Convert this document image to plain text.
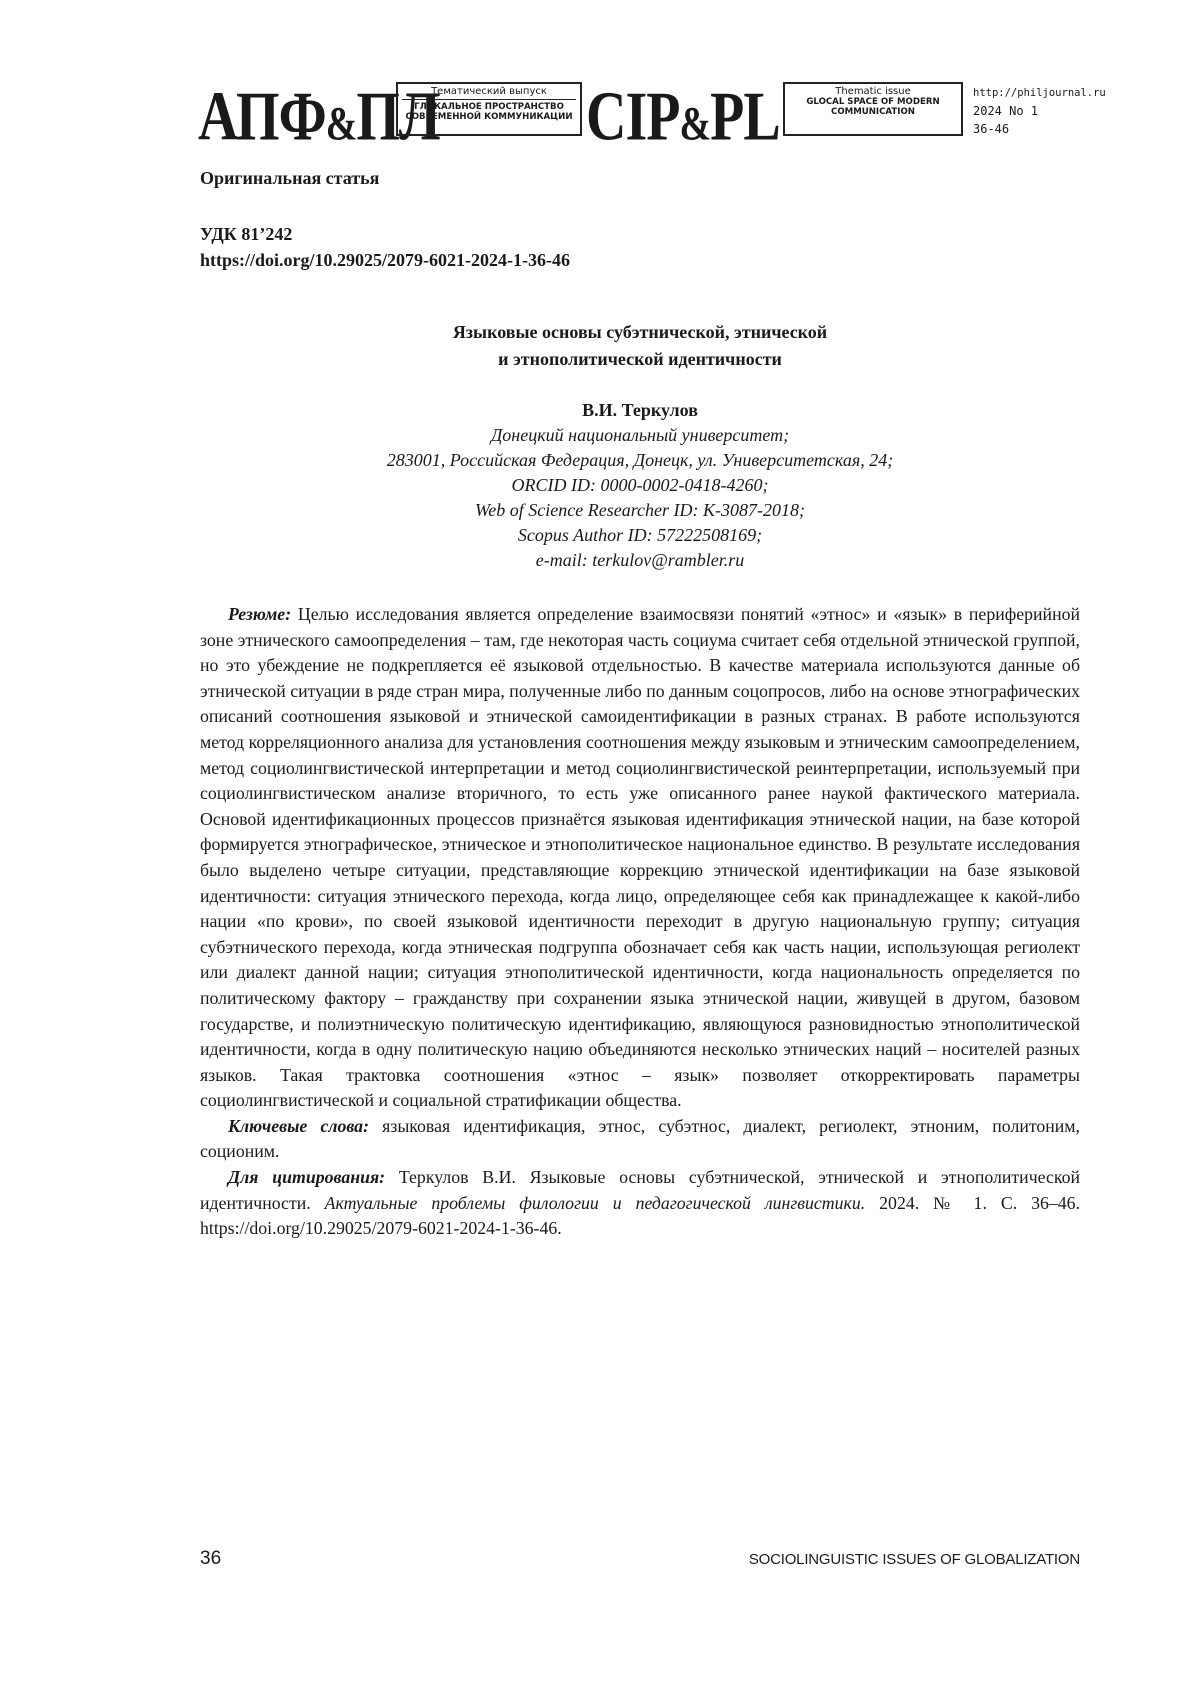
АПФ&ПЛ
Тематический выпуск
ГЛОКАЛЬНОЕ ПРОСТРАНСТВО СОВРЕМЕННОЙ КОММУНИКАЦИИ CIP&PL	Thematic issue
GLOCAL SPACE OF MODERN COMMUNICATION
http://philjournal.ru
2024 No 1
36-46
Оригинальная статья
УДК 81’242
https://doi.org/10.29025/2079-6021-2024-1-36-46
Языковые основы субэтнической, этнической
и этнополитической идентичности
В.И. Теркулов
Донецкий национальный университет;
283001, Российская Федерация, Донецк, ул. Университетская, 24;
ORCID ID: 0000-0002-0418-4260;
Web of Science Researcher ID: K-3087-2018;
Scopus Author ID: 57222508169;
e-mail: terkulov@rambler.ru

Резюме: Целью исследования является определение взаимосвязи понятий «этнос» и «язык» в периферийной зоне этнического самоопределения – там, где некоторая часть социума считает себя отдельной этнической группой, но это убеждение не подкрепляется её языковой отдельностью. В качестве материала используются данные об этнической ситуации в ряде стран мира, полученные либо по данным соцопросов, либо на основе этнографических описаний соотношения языковой и этнической самоидентификации в разных странах. В работе используются метод корреляционного анализа для установления соотношения между языковым и этническим самоопределением, метод социолингвистической интерпретации и метод социолингвистической реинтерпретации, используемый при социолингвистическом анализе вторичного, то есть уже описанного ранее наукой фактического материала. Основой идентификационных процессов признаётся языковая идентификация этнической нации, на базе которой формируется этнографическое, этническое и этнополитическое национальное единство. В результате исследования было выделено четыре ситуации, представляющие коррекцию этнической идентификации на базе языковой идентичности: ситуация этнического перехода, когда лицо, определяющее себя как принадлежащее к какой-либо нации «по крови», по своей языковой идентичности переходит в другую национальную группу; ситуация субэтнического перехода, когда этническая подгруппа обозначает себя как часть нации, использующая региолект или диалект данной нации; ситуация этнополитической идентичности, когда национальность определяется по политическому фактору – гражданству при сохранении языка этнической нации, живущей в другом, базовом государстве, и полиэтническую политическую идентификацию, являющуюся разновидностью этнополитической идентичности, когда в одну политическую нацию объединяются несколько этнических наций – носителей разных языков. Такая трактовка соотношения «этнос – язык» позволяет откорректировать параметры социолингвистической и социальной стратификации общества.

Ключевые слова: языковая идентификация, этнос, субэтнос, диалект, региолект, этноним, политоним, соционим.

Для цитирования: Теркулов В.И. Языковые основы субэтнической, этнической и этнополитической идентичности. Актуальные проблемы филологии и педагогической лингвистики. 2024. № 1. С. 36–46. https://doi.org/10.29025/2079-6021-2024-1-36-46.

36	SOCIOLINGUISTIC ISSUES OF GLOBALIZATION
